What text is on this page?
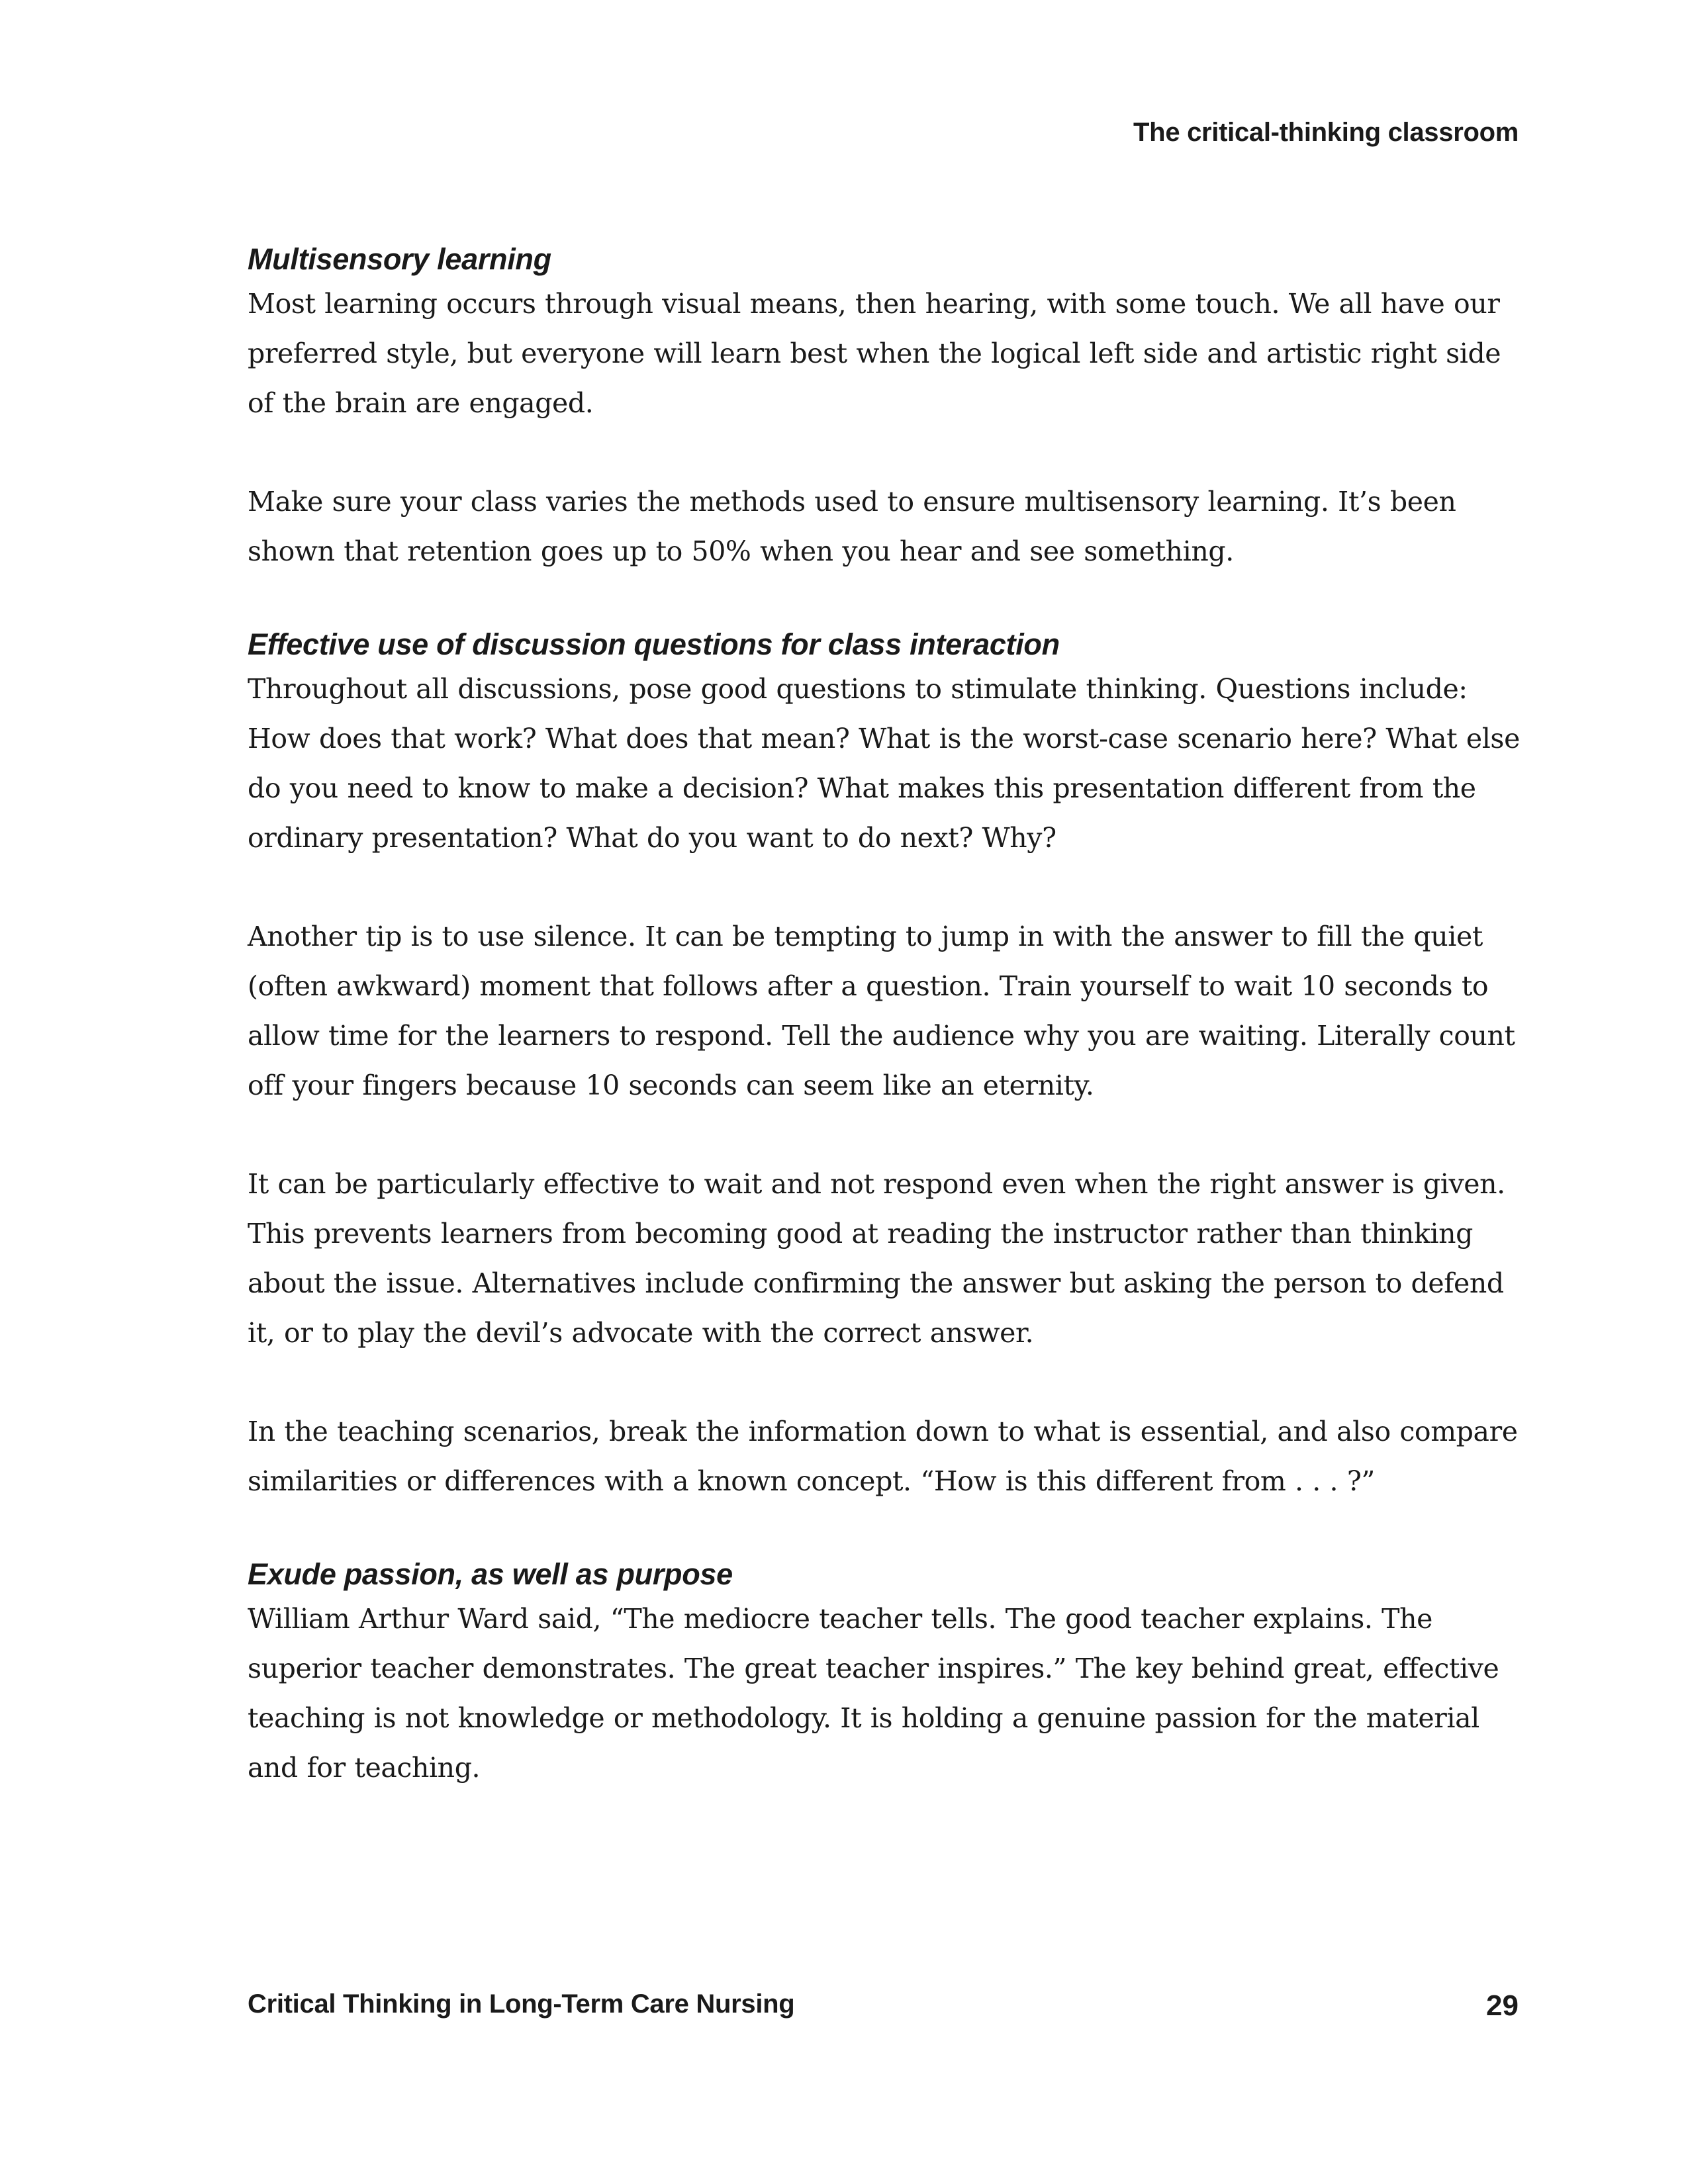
The critical-thinking classroom
Multisensory learning

Most learning occurs through visual means, then hearing, with some touch. We all have our preferred style, but everyone will learn best when the logical left side and artistic right side of the brain are engaged.

Make sure your class varies the methods used to ensure multisensory learning. It’s been shown that retention goes up to 50% when you hear and see something.

Effective use of discussion questions for class interaction

Throughout all discussions, pose good questions to stimulate thinking. Questions include: How does that work? What does that mean? What is the worst-case scenario here? What else do you need to know to make a decision? What makes this presentation different from the ordinary presentation? What do you want to do next? Why?

Another tip is to use silence. It can be tempting to jump in with the answer to fill the quiet (often awkward) moment that follows after a question. Train yourself to wait 10 seconds to allow time for the learners to respond. Tell the audience why you are waiting. Literally count off your fingers because 10 seconds can seem like an eternity.

It can be particularly effective to wait and not respond even when the right answer is given. This prevents learners from becoming good at reading the instructor rather than thinking about the issue. Alternatives include confirming the answer but asking the person to defend it, or to play the devil’s advocate with the correct answer.

In the teaching scenarios, break the information down to what is essential, and also compare similarities or differences with a known concept. “How is this different from . . . ?”

Exude passion, as well as purpose

William Arthur Ward said, “The mediocre teacher tells. The good teacher explains. The superior teacher demonstrates. The great teacher inspires.” The key behind great, effective teaching is not knowledge or methodology. It is holding a genuine passion for the material and for teaching.

Critical Thinking in Long-Term Care Nursing	29
